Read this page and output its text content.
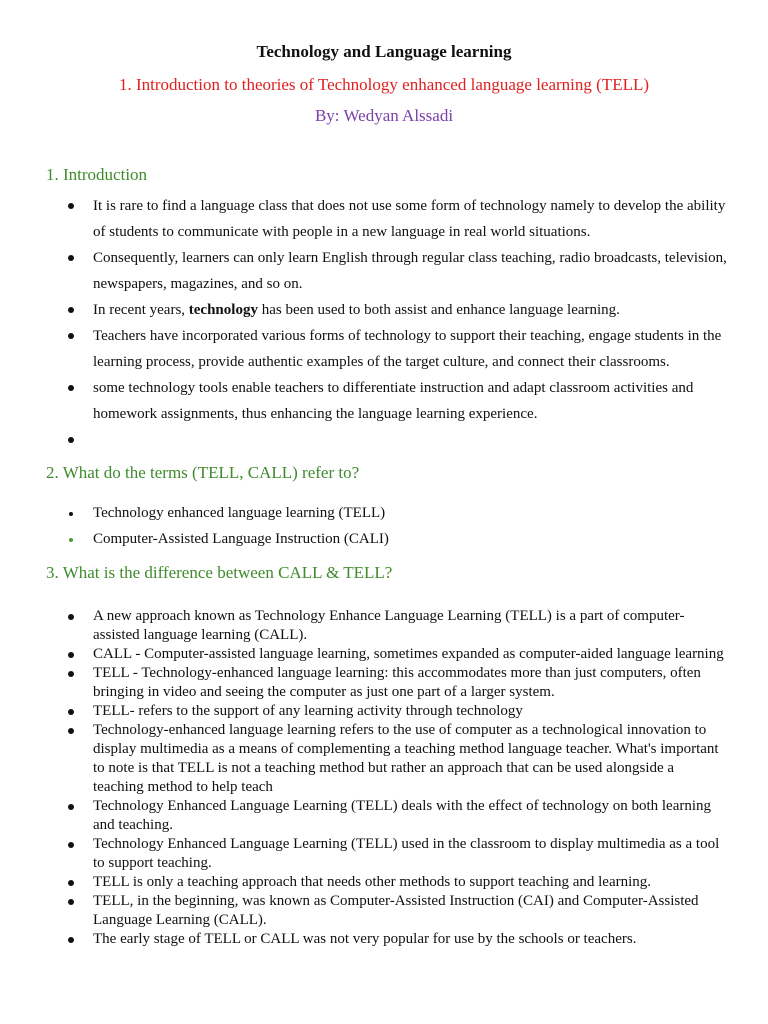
Technology and Language learning
1. Introduction to theories of Technology enhanced language learning (TELL)
By: Wedyan Alssadi
1. Introduction
It is rare to find a language class that does not use some form of technology namely to develop the ability of students to communicate with people in a new language in real world situations.
Consequently, learners can only learn English through regular class teaching, radio broadcasts, television, newspapers, magazines, and so on.
In recent years, technology has been used to both assist and enhance language learning.
Teachers have incorporated various forms of technology to support their teaching, engage students in the learning process, provide authentic examples of the target culture, and connect their classrooms.
some technology tools enable teachers to differentiate instruction and adapt classroom activities and homework assignments, thus enhancing the language learning experience.
2. What do the terms (TELL, CALL) refer to?
Technology enhanced language learning (TELL)
Computer-Assisted Language Instruction (CALI)
3. What is the difference between CALL & TELL?
A new approach known as Technology Enhance Language Learning (TELL) is a part of computer-assisted language learning (CALL).
CALL - Computer-assisted language learning, sometimes expanded as computer-aided language learning
TELL - Technology-enhanced language learning: this accommodates more than just computers, often bringing in video and seeing the computer as just one part of a larger system.
TELL- refers to the support of any learning activity through technology
Technology-enhanced language learning refers to the use of computer as a technological innovation to display multimedia as a means of complementing a teaching method language teacher. What's important to note is that TELL is not a teaching method but rather an approach that can be used alongside a teaching method to help teach
Technology Enhanced Language Learning (TELL) deals with the effect of technology on both learning and teaching.
Technology Enhanced Language Learning (TELL) used in the classroom to display multimedia as a tool to support teaching.
TELL is only a teaching approach that needs other methods to support teaching and learning.
TELL, in the beginning, was known as Computer-Assisted Instruction (CAI) and Computer-Assisted Language Learning (CALL).
The early stage of TELL or CALL was not very popular for use by the schools or teachers.
